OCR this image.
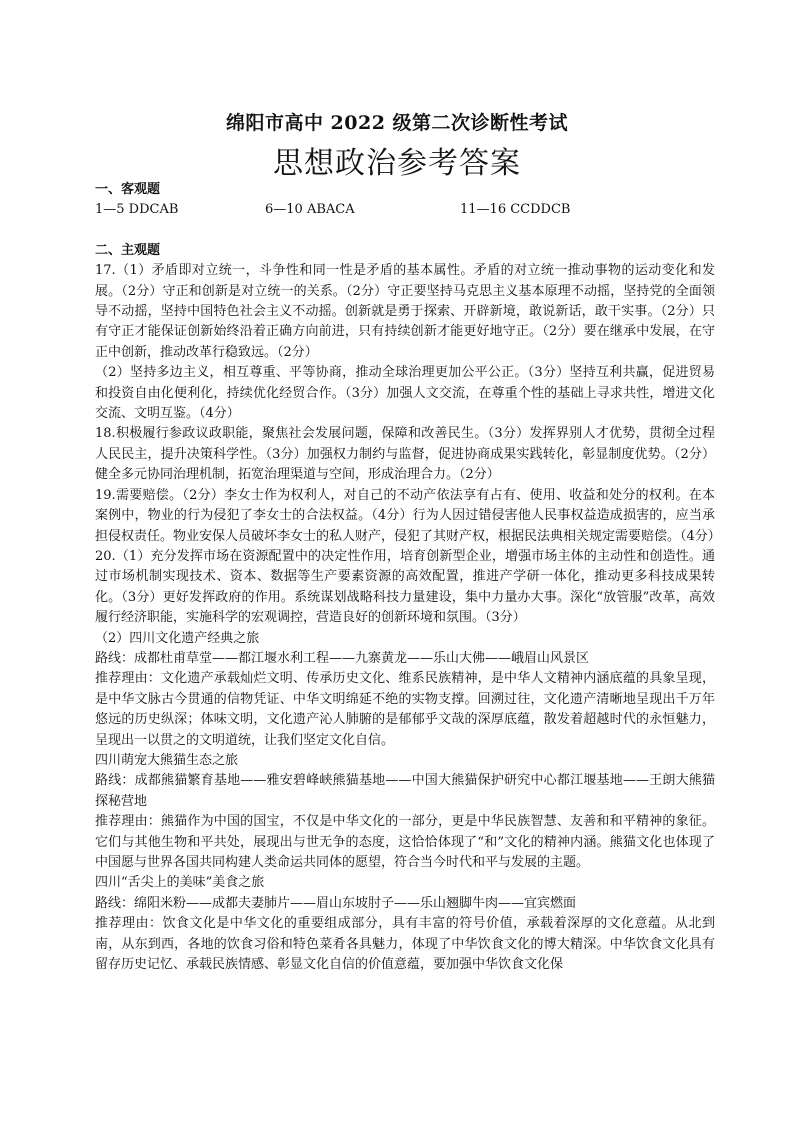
绵阳市高中 2022 级第二次诊断性考试
思想政治参考答案

一、客观题

1—5 DDCAB	6—10 ABACA	11—16 CCDDCB

二、主观题

17.（1）矛盾即对立统一，斗争性和同一性是矛盾的基本属性。矛盾的对立统一推动事物的运动变化和发展。（2分）守正和创新是对立统一的关系。（2分）守正要坚持马克思主义基本原理不动摇，坚持党的全面领导不动摇，坚持中国特色社会主义不动摇。创新就是勇于探索、开辟新境，敢说新话，敢干实事。（2分）只有守正才能保证创新始终沿着正确方向前进，只有持续创新才能更好地守正。（2分）要在继承中发展，在守正中创新，推动改革行稳致远。（2分）

（2）坚持多边主义，相互尊重、平等协商，推动全球治理更加公平公正。（3分）坚持互利共赢，促进贸易和投资自由化便利化，持续优化经贸合作。（3分）加强人文交流，在尊重个性的基础上寻求共性，增进文化交流、文明互鉴。（4分）

18.积极履行参政议政职能，聚焦社会发展问题，保障和改善民生。（3分）发挥界别人才优势，贯彻全过程人民民主，提升决策科学性。（3分）加强权力制约与监督，促进协商成果实践转化，彰显制度优势。（2分）健全多元协同治理机制，拓宽治理渠道与空间，形成治理合力。（2分）

19.需要赔偿。（2分）李女士作为权利人，对自己的不动产依法享有占有、使用、收益和处分的权利。在本案例中，物业的行为侵犯了李女士的合法权益。（4分）行为人因过错侵害他人民事权益造成损害的，应当承担侵权责任。物业安保人员破坏李女士的私人财产，侵犯了其财产权，根据民法典相关规定需要赔偿。（4分）

20.（1）充分发挥市场在资源配置中的决定性作用，培育创新型企业，增强市场主体的主动性和创造性。通过市场机制实现技术、资本、数据等生产要素资源的高效配置，推进产学研一体化，推动更多科技成果转化。（3分）更好发挥政府的作用。系统谋划战略科技力量建设，集中力量办大事。深化“放管服”改革，高效履行经济职能，实施科学的宏观调控，营造良好的创新环境和氛围。（3分）

（2）四川文化遗产经典之旅

路线：成都杜甫草堂——都江堰水利工程——九寨黄龙——乐山大佛——峨眉山风景区

推荐理由：文化遗产承载灿烂文明、传承历史文化、维系民族精神，是中华人文精神内涵底蕴的具象呈现，是中华文脉古今贯通的信物凭证、中华文明绵延不绝的实物支撑。回溯过往，文化遗产清晰地呈现出千万年悠远的历史纵深；体味文明，文化遗产沁人肺腑的是郁郁乎文哉的深厚底蕴，散发着超越时代的永恒魅力，呈现出一以贯之的文明道统，让我们坚定文化自信。

四川萌宠大熊猫生态之旅

路线：成都熊猫繁育基地——雅安碧峰峡熊猫基地——中国大熊猫保护研究中心都江堰基地——王朗大熊猫探秘营地

推荐理由：熊猫作为中国的国宝，不仅是中华文化的一部分，更是中华民族智慧、友善和和平精神的象征。它们与其他生物和平共处，展现出与世无争的态度，这恰恰体现了“和”文化的精神内涵。熊猫文化也体现了中国愿与世界各国共同构建人类命运共同体的愿望，符合当今时代和平与发展的主题。

四川“舌尖上的美味”美食之旅

路线：绵阳米粉——成都夫妻肺片——眉山东坡肘子——乐山翘脚牛肉——宜宾燃面

推荐理由：饮食文化是中华文化的重要组成部分，具有丰富的符号价值，承载着深厚的文化意蕴。从北到南，从东到西，各地的饮食习俗和特色菜肴各具魅力，体现了中华饮食文化的博大精深。中华饮食文化具有留存历史记忆、承载民族情感、彰显文化自信的价值意蕴，要加强中华饮食文化保
